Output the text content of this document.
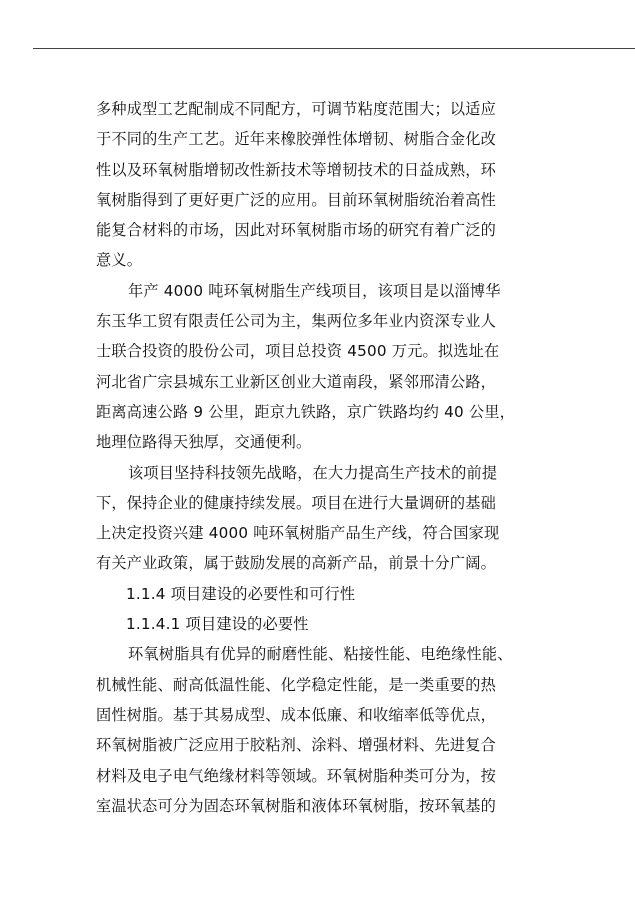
多种成型工艺配制成不同配方，可调节粘度范围大；以适应
于不同的生产工艺。近年来橡胶弹性体增韧、树脂合金化改
性以及环氧树脂增韧改性新技术等增韧技术的日益成熟，环
氧树脂得到了更好更广泛的应用。目前环氧树脂统治着高性
能复合材料的市场，因此对环氧树脂市场的研究有着广泛的
意义。
年产 4000 吨环氧树脂生产线项目，该项目是以淄博华
东玉华工贸有限责任公司为主，集两位多年业内资深专业人
士联合投资的股份公司，项目总投资 4500 万元。拟选址在
河北省广宗县城东工业新区创业大道南段，紧邻邢清公路，
距离高速公路 9 公里，距京九铁路，京广铁路均约 40 公里，
地理位路得天独厚，交通便利。
该项目坚持科技领先战略，在大力提高生产技术的前提
下，保持企业的健康持续发展。项目在进行大量调研的基础
上决定投资兴建 4000 吨环氧树脂产品生产线，符合国家现
有关产业政策，属于鼓励发展的高新产品，前景十分广阔。
1.1.4 项目建设的必要性和可行性
1.1.4.1 项目建设的必要性
环氧树脂具有优异的耐磨性能、粘接性能、电绝缘性能、
机械性能、耐高低温性能、化学稳定性能，是一类重要的热
固性树脂。基于其易成型、成本低廉、和收缩率低等优点，
环氧树脂被广泛应用于胶粘剂、涂料、增强材料、先进复合
材料及电子电气绝缘材料等领域。环氧树脂种类可分为，按
室温状态可分为固态环氧树脂和液体环氧树脂，按环氧基的
